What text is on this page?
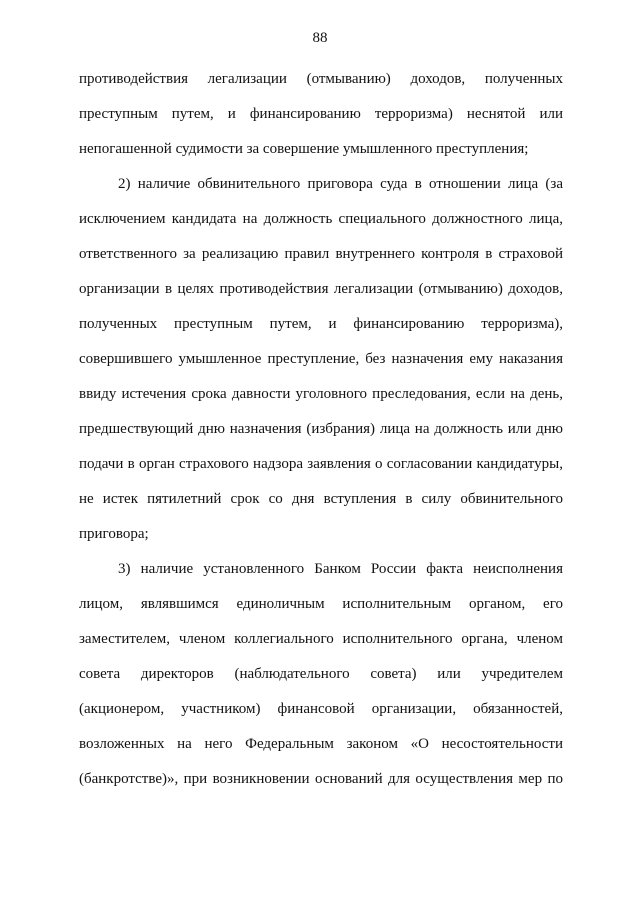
88
противодействия легализации (отмыванию) доходов, полученных
преступным путем, и финансированию терроризма) неснятой или
непогашенной судимости за совершение умышленного преступления;
2) наличие обвинительного приговора суда в отношении лица (за
исключением кандидата на должность специального должностного лица,
ответственного за реализацию правил внутреннего контроля в страховой
организации в целях противодействия легализации (отмыванию) доходов,
полученных преступным путем, и финансированию терроризма),
совершившего умышленное преступление, без назначения ему наказания
ввиду истечения срока давности уголовного преследования, если на день,
предшествующий дню назначения (избрания) лица на должность или дню
подачи в орган страхового надзора заявления о согласовании кандидатуры,
не истек пятилетний срок со дня вступления в силу обвинительного
приговора;
3) наличие установленного Банком России факта неисполнения
лицом, являвшимся единоличным исполнительным органом, его
заместителем, членом коллегиального исполнительного органа, членом
совета директоров (наблюдательного совета) или учредителем
(акционером, участником) финансовой организации, обязанностей,
возложенных на него Федеральным законом «О несостоятельности
(банкротстве)», при возникновении оснований для осуществления мер по
